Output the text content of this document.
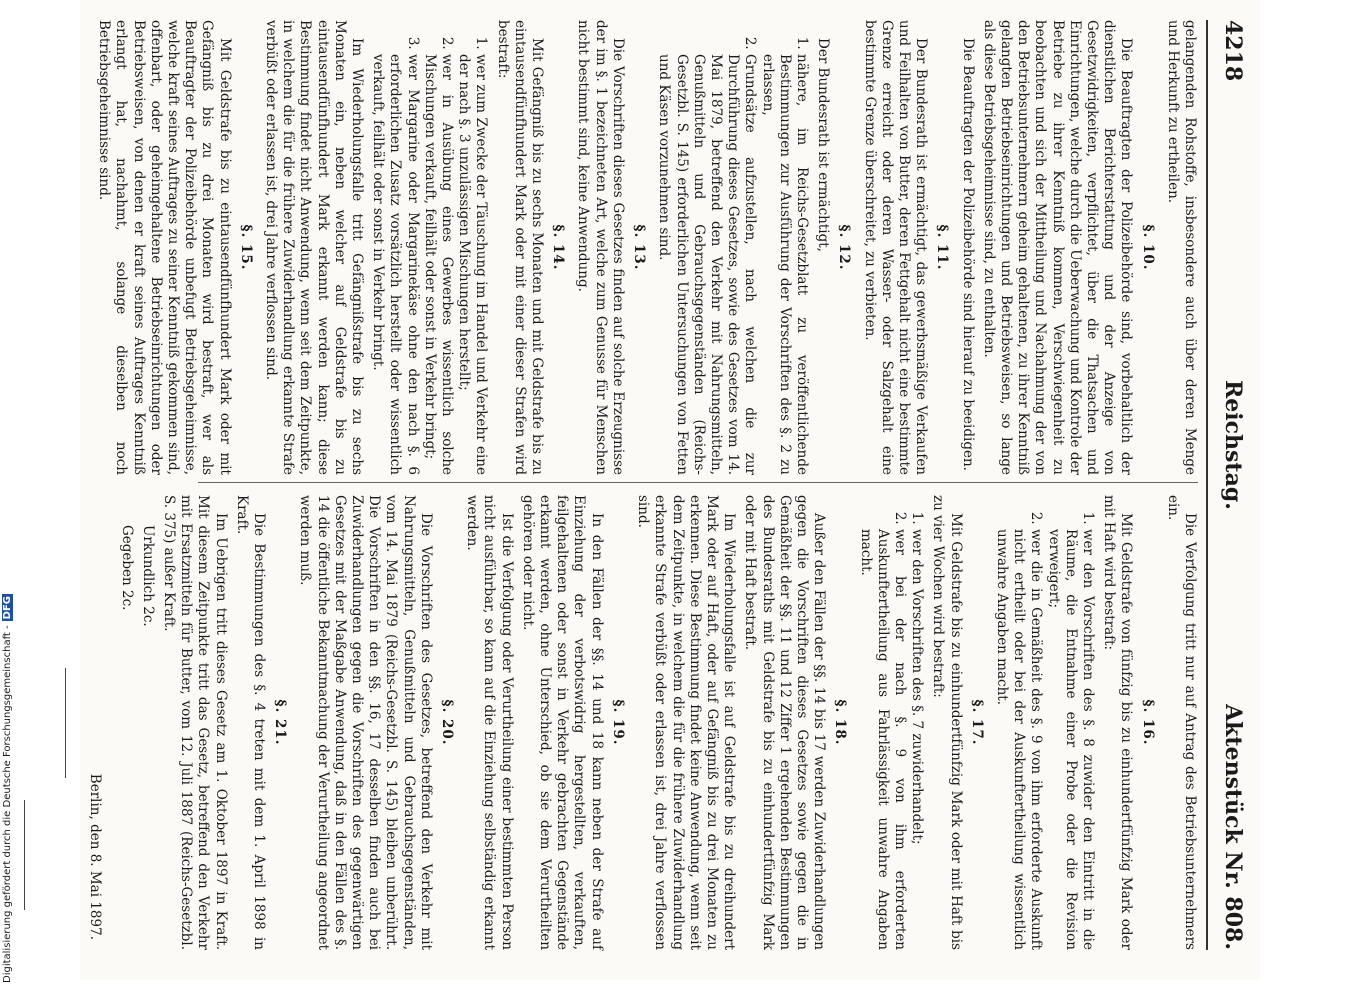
4218
Reichstag.
Aktenstück Nr. 808.

gelangenden Rohstoffe, insbesondere auch über deren Menge und Herkunft zu ertheilen.

§. 10.

Die Beauftragten der Polizeibehörde sind, vorbehaltlich der dienstlichen Berichterstattung und der Anzeige von Gesetzwidrigkeiten, verpflichtet, über die Thatsachen und Einrichtungen, welche durch die Ueberwachung und Kontrole der Betriebe zu ihrer Kenntniß kommen, Verschwiegenheit zu beobachten und sich der Mittheilung und Nachahmung der von den Betriebsunternehmern geheim gehaltenen, zu ihrer Kenntniß gelangten Betriebseinrichtungen und Betriebsweisen, so lange als diese Betriebsgeheimnisse sind, zu enthalten.

Die Beauftragten der Polizeibehörde sind hierauf zu beeidigen.

§. 11.

Der Bundesrath ist ermächtigt, das gewerbsmäßige Verkaufen und Feilhalten von Butter, deren Fettgehalt nicht eine bestimmte Grenze erreicht oder deren Wasser- oder Salzgehalt eine bestimmte Grenze überschreitet, zu verbieten.

§. 12.

Der Bundesrath ist ermächtigt,

1. nähere, im Reichs-Gesetzblatt zu veröffentlichende Bestimmungen zur Ausführung der Vorschriften des §. 2 zu erlassen,
2. Grundsätze aufzustellen, nach welchen die zur Durchführung dieses Gesetzes, sowie des Gesetzes vom 14. Mai 1879, betreffend den Verkehr mit Nahrungsmitteln, Genußmitteln und Gebrauchsgegenständen (Reichs-Gesetzbl. S. 145) erforderlichen Untersuchungen von Fetten und Käsen vorzunehmen sind.
§. 13.

Die Vorschriften dieses Gesetzes finden auf solche Erzeugnisse der im §. 1 bezeichneten Art, welche zum Genusse für Menschen nicht bestimmt sind, keine Anwendung.

§. 14.

Mit Gefängniß bis zu sechs Monaten und mit Geldstrafe bis zu eintausendfünfhundert Mark oder mit einer dieser Strafen wird bestraft:

1. wer zum Zwecke der Täuschung im Handel und Verkehr eine der nach §. 3 unzulässigen Mischungen herstellt;
2. wer in Ausübung eines Gewerbes wissentlich solche Mischungen verkauft, feilhält oder sonst in Verkehr bringt;
3. wer Margarine oder Margarinekäse ohne den nach §. 6 erforderlichen Zusatz vorsätzlich herstellt oder wissentlich verkauft, feilhält oder sonst in Verkehr bringt.

Im Wiederholungsfalle tritt Gefängnißstrafe bis zu sechs Monaten ein, neben welcher auf Geldstrafe bis zu eintausendfünfhundert Mark erkannt werden kann; diese Bestimmung findet nicht Anwendung, wenn seit dem Zeitpunkte, in welchem die für die frühere Zuwiderhandlung erkannte Strafe verbüßt oder erlassen ist, drei Jahre verflossen sind.

§. 15.

Mit Geldstrafe bis zu eintausendfünfhundert Mark oder mit Gefängniß bis zu drei Monaten wird bestraft, wer als Beauftragter der Polizeibehörde unbefugt Betriebsgeheimnisse, welche kraft seines Auftrages zu seiner Kenntniß gekommen sind, offenbart, oder geheimgehaltene Betriebseinrichtungen oder Betriebsweisen, von denen er kraft seines Auftrages Kenntniß erlangt hat, nachahmt, solange dieselben noch Betriebsgeheimnisse sind.

Die Verfolgung tritt nur auf Antrag des Betriebsunternehmers ein.

§. 16.

Mit Geldstrafe von fünfzig bis zu einhundertfünfzig Mark oder mit Haft wird bestraft:

1. wer den Vorschriften des §. 8 zuwider den Eintritt in die Räume, die Entnahme einer Probe oder die Revision verweigert;
2. wer die in Gemäßheit des §. 9 von ihm erforderte Auskunft nicht ertheilt oder bei der Auskunftertheilung wissentlich unwahre Angaben macht.
§. 17.

Mit Geldstrafe bis zu einhundertfünfzig Mark oder mit Haft bis zu vier Wochen wird bestraft:

1. wer den Vorschriften des §. 7 zuwiderhandelt;
2. wer bei der nach §. 9 von ihm erforderten Auskunftertheilung aus Fahrlässigkeit unwahre Angaben macht.
§. 18.

Außer den Fällen der §§. 14 bis 17 werden Zuwiderhandlungen gegen die Vorschriften dieses Gesetzes sowie gegen die in Gemäßheit der §§. 11 und 12 Ziffer 1 ergehenden Bestimmungen des Bundesraths mit Geldstrafe bis zu einhundertfünfzig Mark oder mit Haft bestraft.

Im Wiederholungsfalle ist auf Geldstrafe bis zu dreihundert Mark oder auf Haft, oder auf Gefängniß bis zu drei Monaten zu erkennen. Diese Bestimmung findet keine Anwendung, wenn seit dem Zeitpunkte, in welchem die für die frühere Zuwiderhandlung erkannte Strafe verbüßt oder erlassen ist, drei Jahre verflossen sind.

§. 19.

In den Fällen der §§. 14 und 18 kann neben der Strafe auf Einziehung der verbotswidrig hergestellten, verkauften, feilgehaltenen oder sonst in Verkehr gebrachten Gegenstände erkannt werden, ohne Unterschied, ob sie dem Verurtheilten gehören oder nicht.

Ist die Verfolgung oder Verurtheilung einer bestimmten Person nicht ausführbar, so kann auf die Einziehung selbständig erkannt werden.

§. 20.

Die Vorschriften des Gesetzes, betreffend den Verkehr mit Nahrungsmitteln, Genußmitteln und Gebrauchsgegenständen, vom 14. Mai 1879 (Reichs-Gesetzbl. S. 145) bleiben unberührt. Die Vorschriften in den §§. 16, 17 desselben finden auch bei Zuwiderhandlungen gegen die Vorschriften des gegenwärtigen Gesetzes mit der Maßgabe Anwendung, daß in den Fällen des §. 14 die öffentliche Bekanntmachung der Verurtheilung angeordnet werden muß.

§. 21.

Die Bestimmungen des §. 4 treten mit dem 1. April 1898 in Kraft.

Im Uebrigen tritt dieses Gesetz am 1. Oktober 1897 in Kraft. Mit diesem Zeitpunkte tritt das Gesetz, betreffend den Verkehr mit Ersatzmitteln für Butter, vom 12. Juli 1887 (Reichs-Gesetzbl. S. 375) außer Kraft.

Urkundlich 2c.

Gegeben 2c.

Berlin, den 8. Mai 1897.

Digitalisierung gefördert durch die Deutsche Forschungsgemeinschaft -DFG
